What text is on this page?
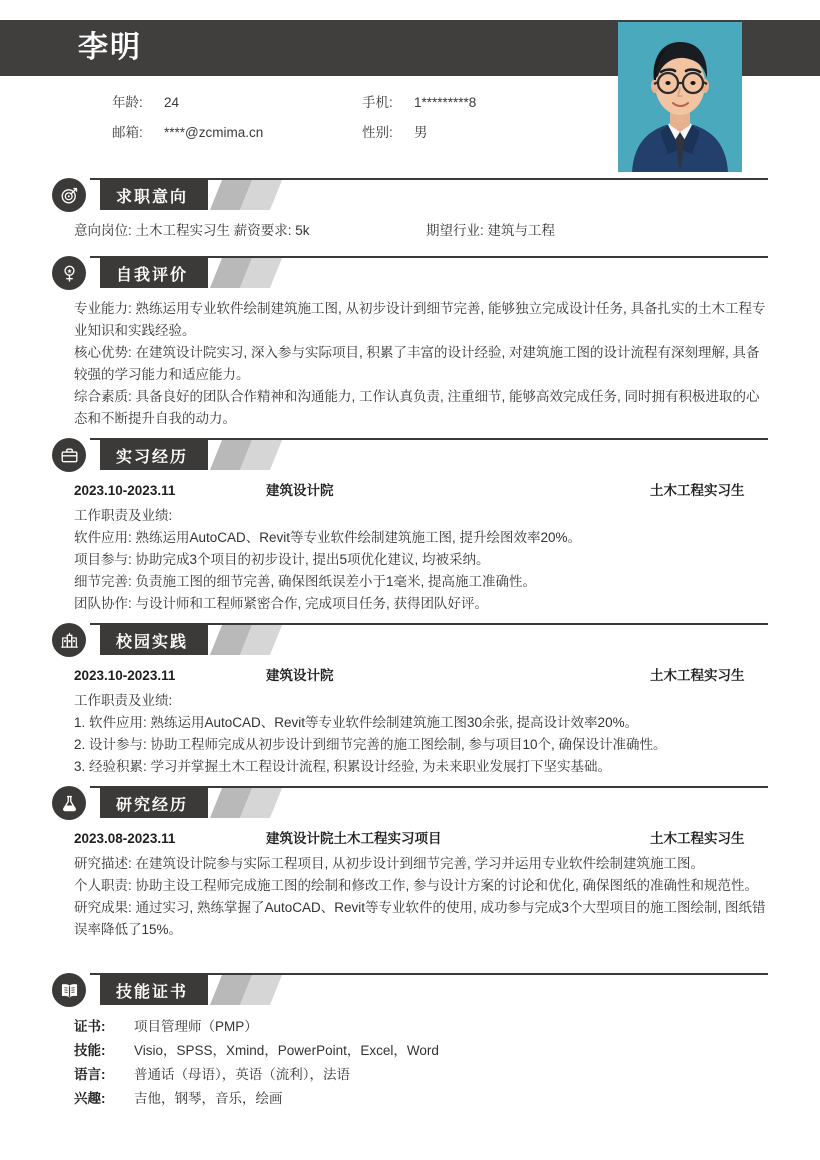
李明
年龄:	24	手机:	1*********8
邮箱:	****@zcmima.cn	性别:	男
求职意向
意向岗位: 土木工程实习生 薪资要求: 5k	期望行业: 建筑与工程
自我评价

专业能力: 熟练运用专业软件绘制建筑施工图, 从初步设计到细节完善, 能够独立完成设计任务, 具备扎实的土木工程专业知识和实践经验。

核心优势: 在建筑设计院实习, 深入参与实际项目, 积累了丰富的设计经验, 对建筑施工图的设计流程有深刻理解, 具备较强的学习能力和适应能力。

综合素质: 具备良好的团队合作精神和沟通能力, 工作认真负责, 注重细节, 能够高效完成任务, 同时拥有积极进取的心态和不断提升自我的动力。

实习经历
2023.10-2023.11	建筑设计院	土木工程实习生

工作职责及业绩:

软件应用: 熟练运用AutoCAD、Revit等专业软件绘制建筑施工图, 提升绘图效率20%。

项目参与: 协助完成3个项目的初步设计, 提出5项优化建议, 均被采纳。

细节完善: 负责施工图的细节完善, 确保图纸误差小于1毫米, 提高施工准确性。

团队协作: 与设计师和工程师紧密合作, 完成项目任务, 获得团队好评。

校园实践
2023.10-2023.11	建筑设计院	土木工程实习生

工作职责及业绩:

1. 软件应用: 熟练运用AutoCAD、Revit等专业软件绘制建筑施工图30余张, 提高设计效率20%。

2. 设计参与: 协助工程师完成从初步设计到细节完善的施工图绘制, 参与项目10个, 确保设计准确性。

3. 经验积累: 学习并掌握土木工程设计流程, 积累设计经验, 为未来职业发展打下坚实基础。

研究经历
2023.08-2023.11	建筑设计院土木工程实习项目	土木工程实习生

研究描述: 在建筑设计院参与实际工程项目, 从初步设计到细节完善, 学习并运用专业软件绘制建筑施工图。

个人职责: 协助主设工程师完成施工图的绘制和修改工作, 参与设计方案的讨论和优化, 确保图纸的准确性和规范性。

研究成果: 通过实习, 熟练掌握了AutoCAD、Revit等专业软件的使用, 成功参与完成3个大型项目的施工图绘制, 图纸错误率降低了15%。

技能证书
证书:	项目管理师（PMP）
技能:	Visio，SPSS，Xmind，PowerPoint，Excel，Word
语言:	普通话（母语），英语（流利），法语
兴趣:	吉他，钢琴，音乐，绘画
